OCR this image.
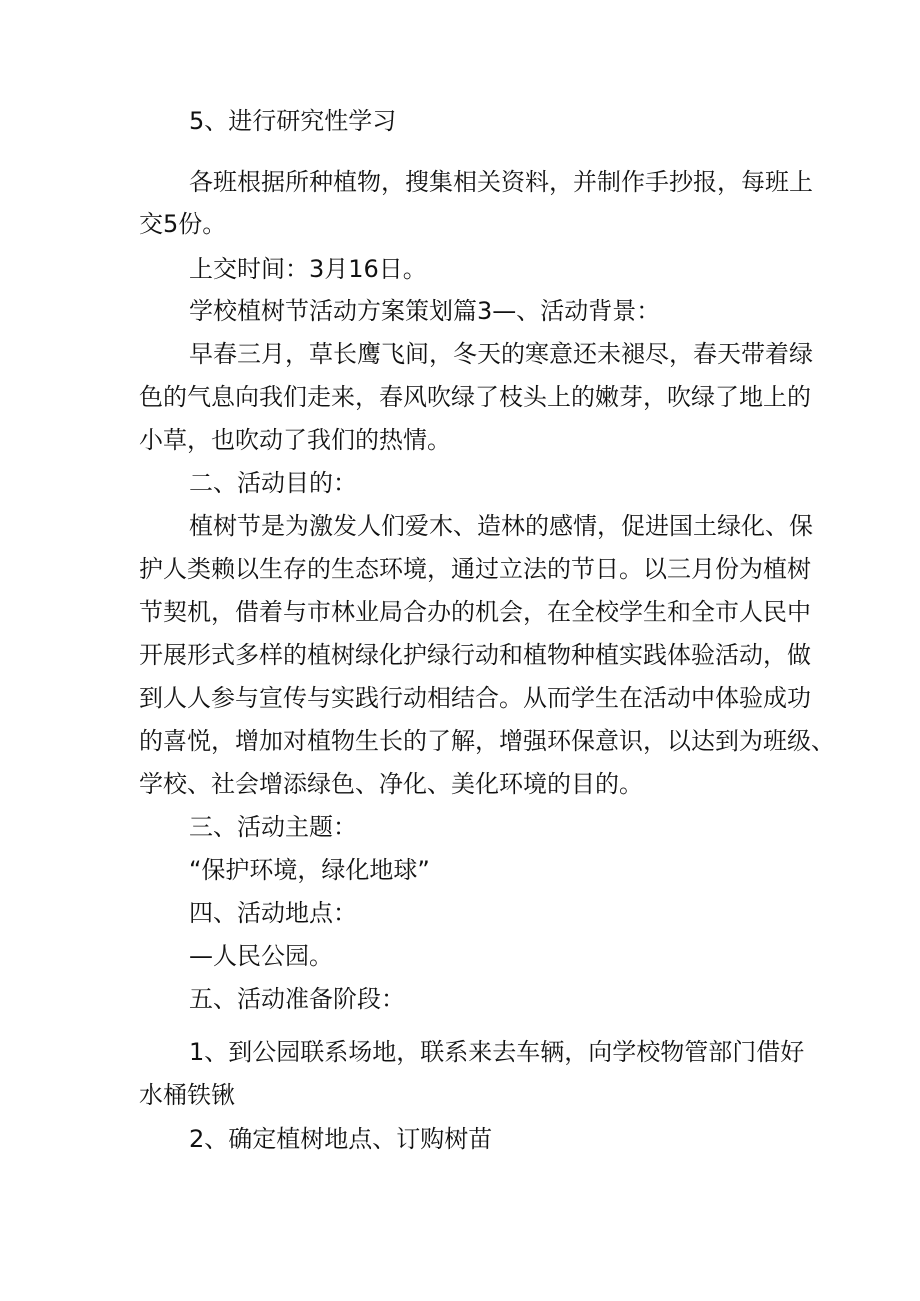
5、进行研究性学习

各班根据所种植物，搜集相关资料，并制作手抄报，每班上

交5份。

上交时间：3月16日。

学校植树节活动方案策划篇3—、活动背景：

早春三月，草长鹰飞间，冬天的寒意还未褪尽，春天带着绿

色的气息向我们走来，春风吹绿了枝头上的嫩芽，吹绿了地上的

小草，也吹动了我们的热情。

二、活动目的：

植树节是为激发人们爱木、造林的感情，促进国土绿化、保

护人类赖以生存的生态环境，通过立法的节日。以三月份为植树

节契机，借着与市林业局合办的机会，在全校学生和全市人民中

开展形式多样的植树绿化护绿行动和植物种植实践体验活动，做

到人人参与宣传与实践行动相结合。从而学生在活动中体验成功

的喜悦，增加对植物生长的了解，增强环保意识，以达到为班级、

学校、社会增添绿色、净化、美化环境的目的。

三、活动主题：

“保护环境，绿化地球”

四、活动地点：

—人民公园。

五、活动准备阶段：

1、到公园联系场地，联系来去车辆，向学校物管部门借好

水桶铁锹

2、确定植树地点、订购树苗
